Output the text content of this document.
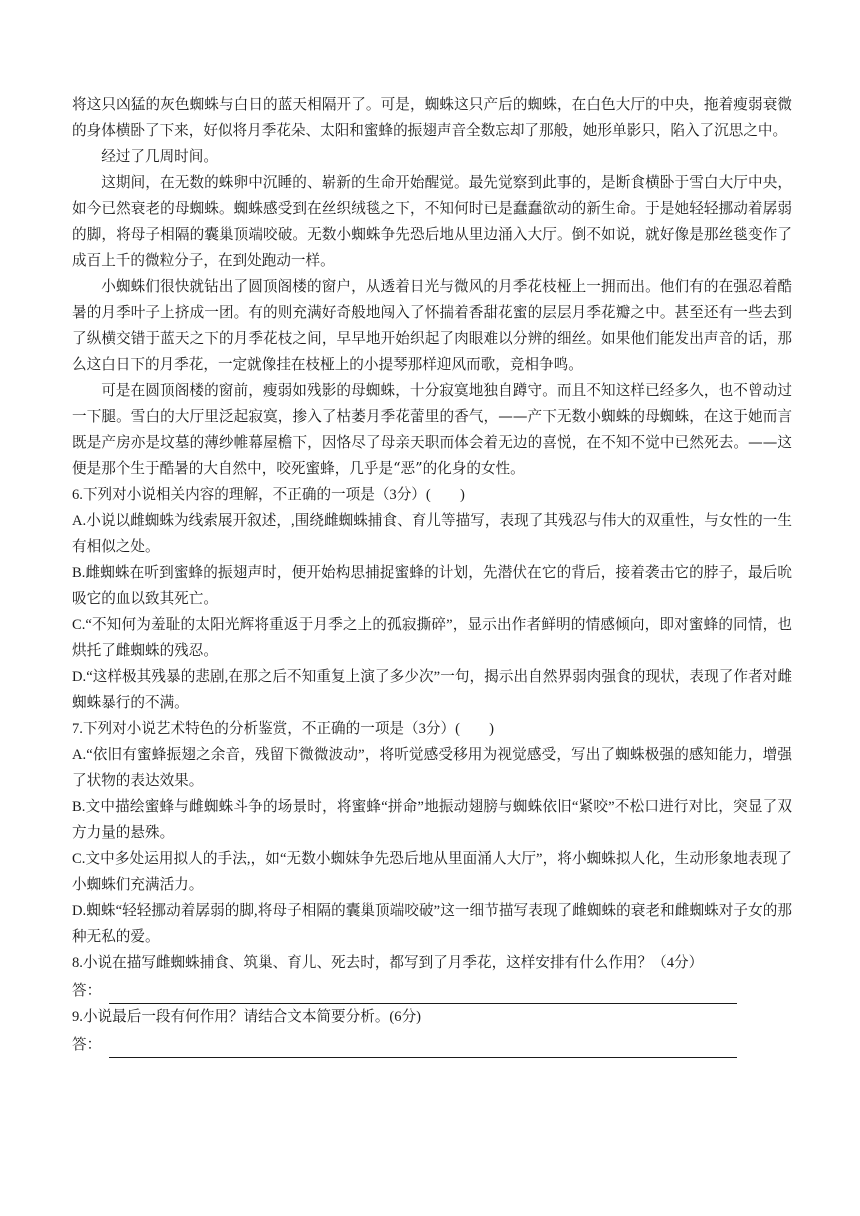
将这只凶猛的灰色蜘蛛与白日的蓝天相隔开了。可是，蜘蛛这只产后的蜘蛛，在白色大厅的中央，拖着瘦弱衰微的身体横卧了下来，好似将月季花朵、太阳和蜜蜂的振翅声音全数忘却了那般，她形单影只，陷入了沉思之中。

经过了几周时间。

这期间，在无数的蛛卵中沉睡的、崭新的生命开始醒觉。最先觉察到此事的，是断食横卧于雪白大厅中央，如今已然衰老的母蜘蛛。蜘蛛感受到在丝织绒毯之下，不知何时已是蠢蠢欲动的新生命。于是她轻轻挪动着孱弱的脚，将母子相隔的囊巢顶端咬破。无数小蜘蛛争先恐后地从里边涌入大厅。倒不如说，就好像是那丝毯变作了成百上千的微粒分子，在到处跑动一样。

小蜘蛛们很快就钻出了圆顶阁楼的窗户，从透着日光与微风的月季花枝桠上一拥而出。他们有的在强忍着酷暑的月季叶子上挤成一团。有的则充满好奇般地闯入了怀揣着香甜花蜜的层层月季花瓣之中。甚至还有一些去到了纵横交错于蓝天之下的月季花枝之间，早早地开始织起了肉眼难以分辨的细丝。如果他们能发出声音的话，那么这白日下的月季花，一定就像挂在枝桠上的小提琴那样迎风而歌，竞相争鸣。

可是在圆顶阁楼的窗前，瘦弱如残影的母蜘蛛，十分寂寞地独自蹲守。而且不知这样已经多久，也不曾动过一下腿。雪白的大厅里泛起寂寞，掺入了枯萎月季花蕾里的香气，——产下无数小蜘蛛的母蜘蛛，在这于她而言既是产房亦是坟墓的薄纱帷幕屋檐下，因恪尽了母亲天职而体会着无边的喜悦，在不知不觉中已然死去。——这便是那个生于酷暑的大自然中，咬死蜜蜂，几乎是“恶”的化身的女性。

6.下列对小说相关内容的理解，不正确的一项是（3分）(　　)

A.小说以雌蜘蛛为线索展开叙述，,围绕雌蜘蛛捕食、育儿等描写，表现了其残忍与伟大的双重性，与女性的一生有相似之处。

B.雌蜘蛛在听到蜜蜂的振翅声时，便开始构思捕捉蜜蜂的计划，先潜伏在它的背后，接着袭击它的脖子，最后吮吸它的血以致其死亡。

C.“不知何为羞耻的太阳光辉将重返于月季之上的孤寂撕碎”，显示出作者鲜明的情感倾向，即对蜜蜂的同情，也烘托了雌蜘蛛的残忍。

D.“这样极其残暴的悲剧,在那之后不知重复上演了多少次”一句，揭示出自然界弱肉强食的现状，表现了作者对雌蜘蛛暴行的不满。

7.下列对小说艺术特色的分析鉴赏，不正确的一项是（3分）(　　)

A.“依旧有蜜蜂振翅之余音，残留下微微波动”，将听觉感受移用为视觉感受，写出了蜘蛛极强的感知能力，增强了状物的表达效果。

B.文中描绘蜜蜂与雌蜘蛛斗争的场景时，将蜜蜂“拼命”地振动翅膀与蜘蛛依旧“紧咬”不松口进行对比，突显了双方力量的悬殊。

C.文中多处运用拟人的手法,，如“无数小蜘妹争先恐后地从里面涌人大厅”，将小蜘蛛拟人化，生动形象地表现了小蜘蛛们充满活力。

D.蜘蛛“轻轻挪动着孱弱的脚,将母子相隔的囊巢顶端咬破”这一细节描写表现了雌蜘蛛的衰老和雌蜘蛛对子女的那种无私的爱。

8.小说在描写雌蜘蛛捕食、筑巢、育儿、死去时，都写到了月季花，这样安排有什么作用？（4分）

答：

9.小说最后一段有何作用？请结合文本简要分析。(6分)

答：
